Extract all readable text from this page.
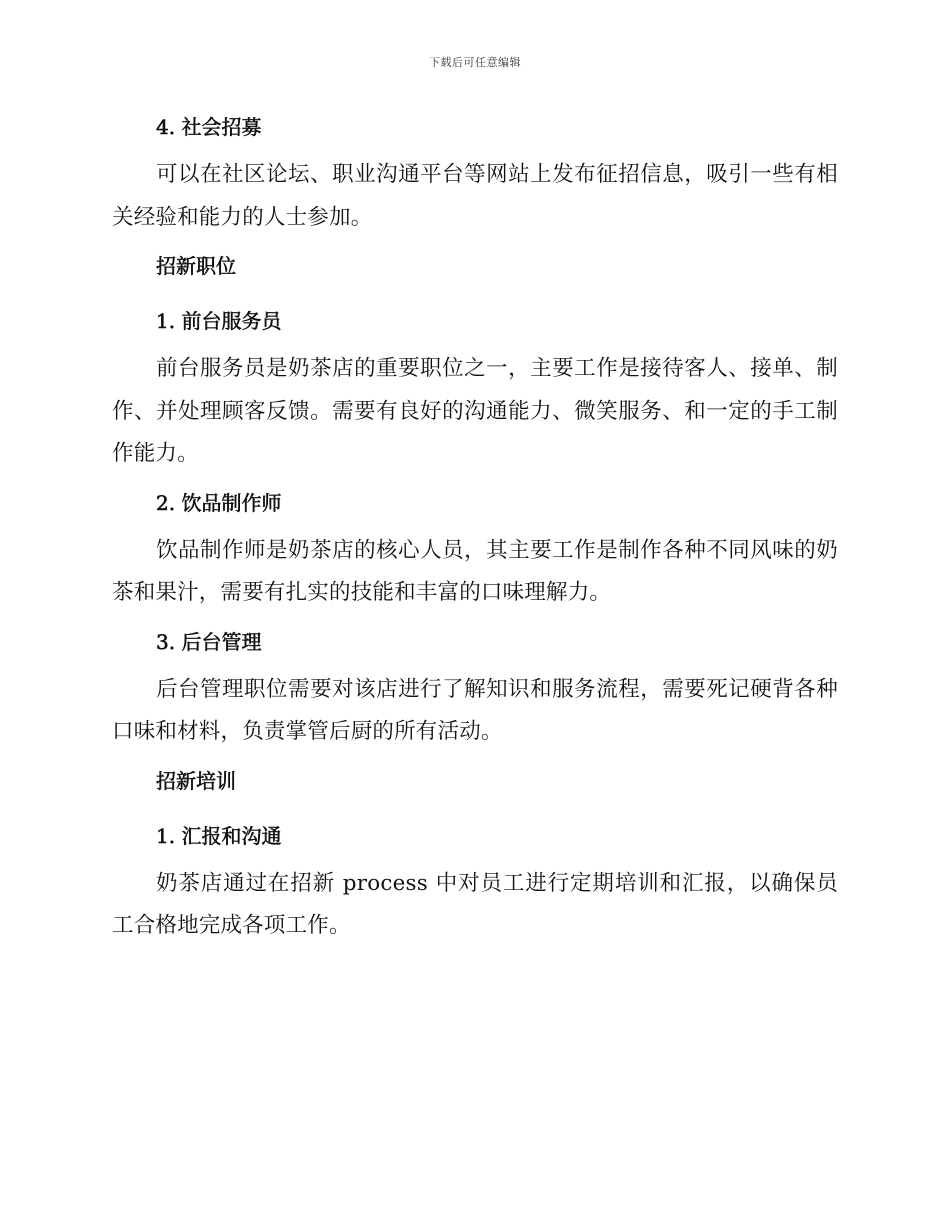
下载后可任意编辑
4. 社会招募

可以在社区论坛、职业沟通平台等网站上发布征招信息，吸引一些有相关经验和能力的人士参加。

招新职位
1. 前台服务员

前台服务员是奶茶店的重要职位之一，主要工作是接待客人、接单、制作、并处理顾客反馈。需要有良好的沟通能力、微笑服务、和一定的手工制作能力。

2. 饮品制作师

饮品制作师是奶茶店的核心人员，其主要工作是制作各种不同风味的奶茶和果汁，需要有扎实的技能和丰富的口味理解力。

3. 后台管理

后台管理职位需要对该店进行了解知识和服务流程，需要死记硬背各种口味和材料，负责掌管后厨的所有活动。

招新培训
1. 汇报和沟通

奶茶店通过在招新 process 中对员工进行定期培训和汇报，以确保员工合格地完成各项工作。
